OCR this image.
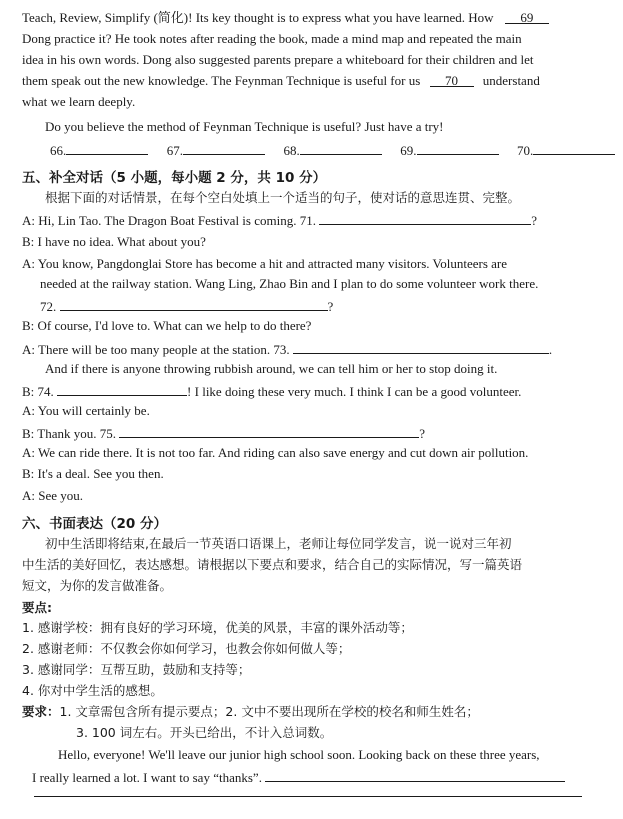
Teach, Review, Simplify (简化)! Its key thought is to express what you have learned. How 69
Dong practice it? He took notes after reading the book, made a mind map and repeated the main
idea in his own words. Dong also suggested parents prepare a whiteboard for their children and let
them speak out the new knowledge. The Feynman Technique is useful for us 70 understand
what we learn deeply.
Do you believe the method of Feynman Technique is useful? Just have a try!
66.	67.	68.	69.	70.
五、补全对话（5 小题，每小题 2 分，共 10 分）
根据下面的对话情景，在每个空白处填上一个适当的句子，使对话的意思连贯、完整。
A: Hi, Lin Tao. The Dragon Boat Festival is coming. 71.	?
B: I have no idea. What about you?
A: You know, Pangdonglai Store has become a hit and attracted many visitors. Volunteers are
needed at the railway station. Wang Ling, Zhao Bin and I plan to do some volunteer work there.
72.	?
B: Of course, I'd love to. What can we help to do there?
A: There will be too many people at the station. 73.	.
And if there is anyone throwing rubbish around, we can tell him or her to stop doing it.
B: 74.	! I like doing these very much. I think I can be a good volunteer.
A: You will certainly be.
B: Thank you. 75.	?
A: We can ride there. It is not too far. And riding can also save energy and cut down air pollution.
B: It's a deal. See you then.
A: See you.
六、书面表达（20 分）
初中生活即将结束,在最后一节英语口语课上，老师让每位同学发言，说一说对三年初
中生活的美好回忆，表达感想。请根据以下要点和要求，结合自己的实际情况，写一篇英语
短文，为你的发言做准备。
要点:
1. 感谢学校：拥有良好的学习环境，优美的风景，丰富的课外活动等；
2. 感谢老师：不仅教会你如何学习，也教会你如何做人等；
3. 感谢同学：互帮互助，鼓励和支持等；
4. 你对中学生活的感想。
要求：1. 文章需包含所有提示要点；2. 文中不要出现所在学校的校名和师生姓名；
3. 100 词左右。开头已给出，不计入总词数。
Hello, everyone! We'll leave our junior high school soon. Looking back on these three years,
I really learned a lot. I want to say “thanks”.
